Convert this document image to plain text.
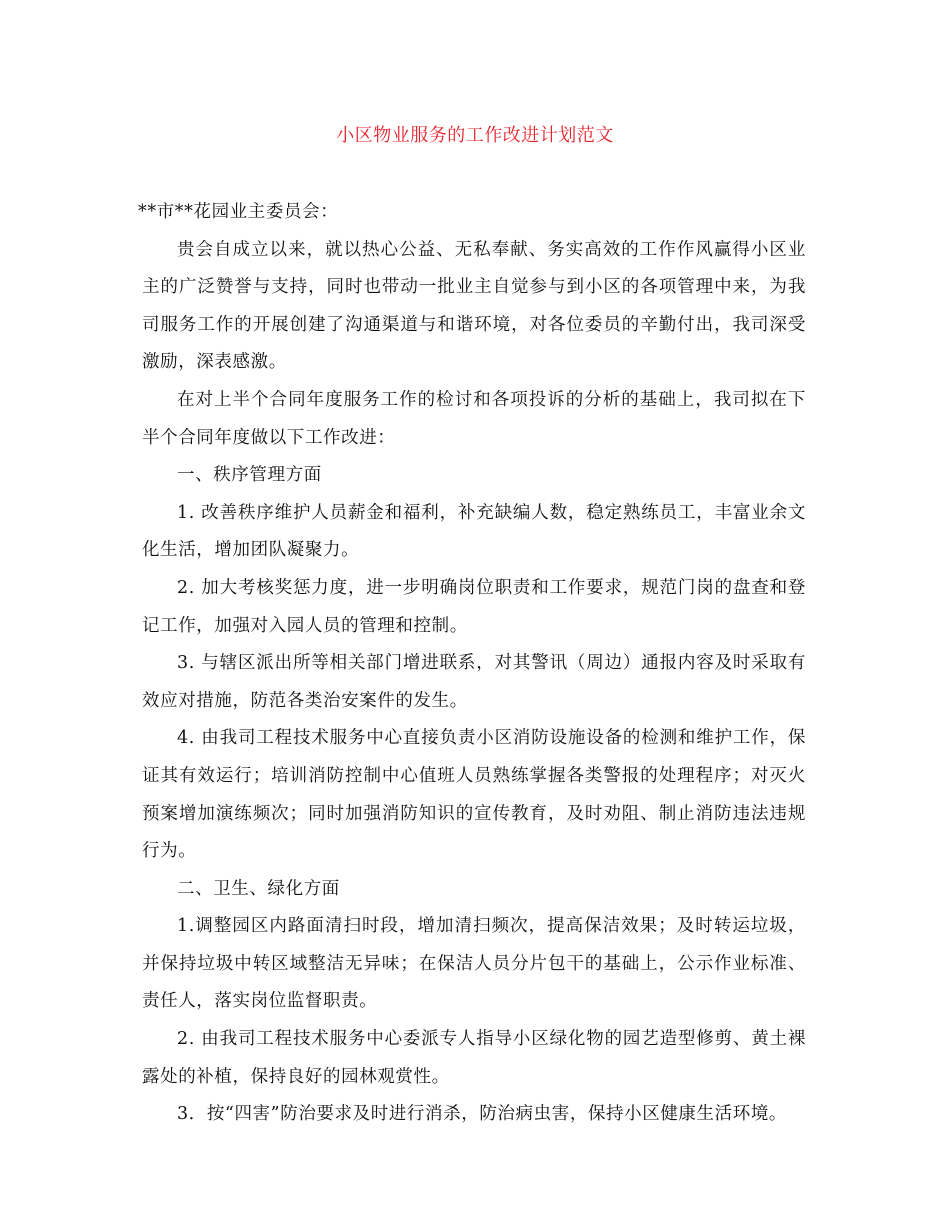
小区物业服务的工作改进计划范文

**市**花园业主委员会：

贵会自成立以来，就以热心公益、无私奉献、务实高效的工作作风赢得小区业主的广泛赞誉与支持，同时也带动一批业主自觉参与到小区的各项管理中来，为我司服务工作的开展创建了沟通渠道与和谐环境，对各位委员的辛勤付出，我司深受激励，深表感激。

在对上半个合同年度服务工作的检讨和各项投诉的分析的基础上，我司拟在下半个合同年度做以下工作改进：

一、秩序管理方面

1. 改善秩序维护人员薪金和福利，补充缺编人数，稳定熟练员工，丰富业余文化生活，增加团队凝聚力。

2. 加大考核奖惩力度，进一步明确岗位职责和工作要求，规范门岗的盘查和登记工作，加强对入园人员的管理和控制。

3. 与辖区派出所等相关部门增进联系，对其警讯（周边）通报内容及时采取有效应对措施，防范各类治安案件的发生。

4. 由我司工程技术服务中心直接负责小区消防设施设备的检测和维护工作，保证其有效运行；培训消防控制中心值班人员熟练掌握各类警报的处理程序；对灭火预案增加演练频次；同时加强消防知识的宣传教育，及时劝阻、制止消防违法违规行为。

二、卫生、绿化方面

1.调整园区内路面清扫时段，增加清扫频次，提高保洁效果；及时转运垃圾，并保持垃圾中转区域整洁无异味；在保洁人员分片包干的基础上，公示作业标准、责任人，落实岗位监督职责。

2. 由我司工程技术服务中心委派专人指导小区绿化物的园艺造型修剪、黄土裸露处的补植，保持良好的园林观赏性。

3．按“四害”防治要求及时进行消杀，防治病虫害，保持小区健康生活环境。
